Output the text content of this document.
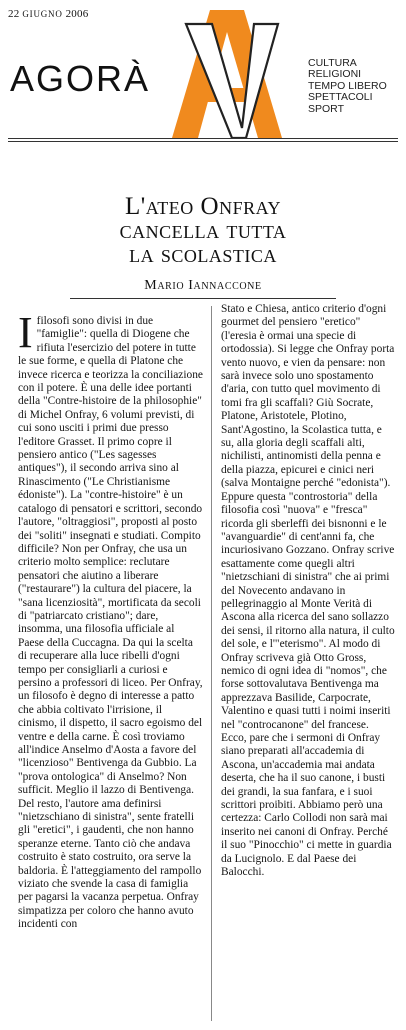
22 GIUGNO 2006
AGORÀ	CULTURA
RELIGIONI
TEMPO LIBERO
SPETTACOLI
SPORT
L'ateo Onfray
cancella tutta
la scolastica
Mario Iannaccone
I filosofi sono divisi in due "famiglie": quella di Diogene che rifiuta l'esercizio del potere in tutte le sue forme, e quella di Platone che invece ricerca e teorizza la conciliazione con il potere. È una delle idee portanti della "Contre-histoire de la philosophie" di Michel Onfray, 6 volumi previsti, di cui sono usciti i primi due presso l'editore Grasset. Il primo copre il pensiero antico ("Les sagesses antiques"), il secondo arriva sino al Rinascimento ("Le Christianisme édoniste"). La "contre-histoire" è un catalogo di pensatori e scrittori, secondo l'autore, "oltraggiosi", proposti al posto dei "soliti" insegnati e studiati. Compito difficile? Non per Onfray, che usa un criterio molto semplice: reclutare pensatori che aiutino a liberare ("restaurare") la cultura del piacere, la "sana licenziosità", mortificata da secoli di "patriarcato cristiano"; dare, insomma, una filosofia ufficiale al Paese della Cuccagna. Da qui la scelta di recuperare alla luce ribelli d'ogni tempo per consigliarli a curiosi e persino a professori di liceo. Per Onfray, un filosofo è degno di interesse a patto che abbia coltivato l'irrisione, il cinismo, il dispetto, il sacro egoismo del ventre e della carne. È così troviamo all'indice Anselmo d'Aosta a favore del "licenzioso" Bentivenga da Gubbio. La "prova ontologica" di Anselmo? Non sufficit. Meglio il lazzo di Bentivenga. Del resto, l'autore ama definirsi "nietzschiano di sinistra", sente fratelli gli "eretici", i gaudenti, che non hanno speranze eterne. Tanto ciò che andava costruito è stato costruito, ora serve la baldoria. È l'atteggiamento del rampollo viziato che svende la casa di famiglia per pagarsi la vacanza perpetua. Onfray simpatizza per coloro che hanno avuto incidenti con

Stato e Chiesa, antico criterio d'ogni gourmet del pensiero "eretico" (l'eresia è ormai una specie di ortodossia). Si legge che Onfray porta vento nuovo, e vien da pensare: non sarà invece solo uno spostamento d'aria, con tutto quel movimento di tomi fra gli scaffali? Giù Socrate, Platone, Aristotele, Plotino, Sant'Agostino, la Scolastica tutta, e su, alla gloria degli scaffali alti, nichilisti, antinomisti della penna e della piazza, epicurei e cinici neri (salva Montaigne perché "edonista"). Eppure questa "controstoria" della filosofia così "nuova" e "fresca" ricorda gli sberleffi dei bisnonni e le "avanguardie" di cent'anni fa, che incuriosivano Gozzano. Onfray scrive esattamente come quegli altri "nietzschiani di sinistra" che ai primi del Novecento andavano in pellegrinaggio al Monte Verità di Ascona alla ricerca del sano sollazzo dei sensi, il ritorno alla natura, il culto del sole, e l'"eterismo". Al modo di Onfray scriveva già Otto Gross, nemico di ogni idea di "nomos", che forse sottovalutava Bentivenga ma apprezzava Basilide, Carpocrate, Valentino e quasi tutti i noimi inseriti nel "controcanone" del francese. Ecco, pare che i sermoni di Onfray siano preparati all'accademia di Ascona, un'accademia mai andata deserta, che ha il suo canone, i busti dei grandi, la sua fanfara, e i suoi scrittori proibiti. Abbiamo però una certezza: Carlo Collodi non sarà mai inserito nei canoni di Onfray. Perché il suo "Pinocchio" ci mette in guardia da Lucignolo. E dal Paese dei Balocchi.
